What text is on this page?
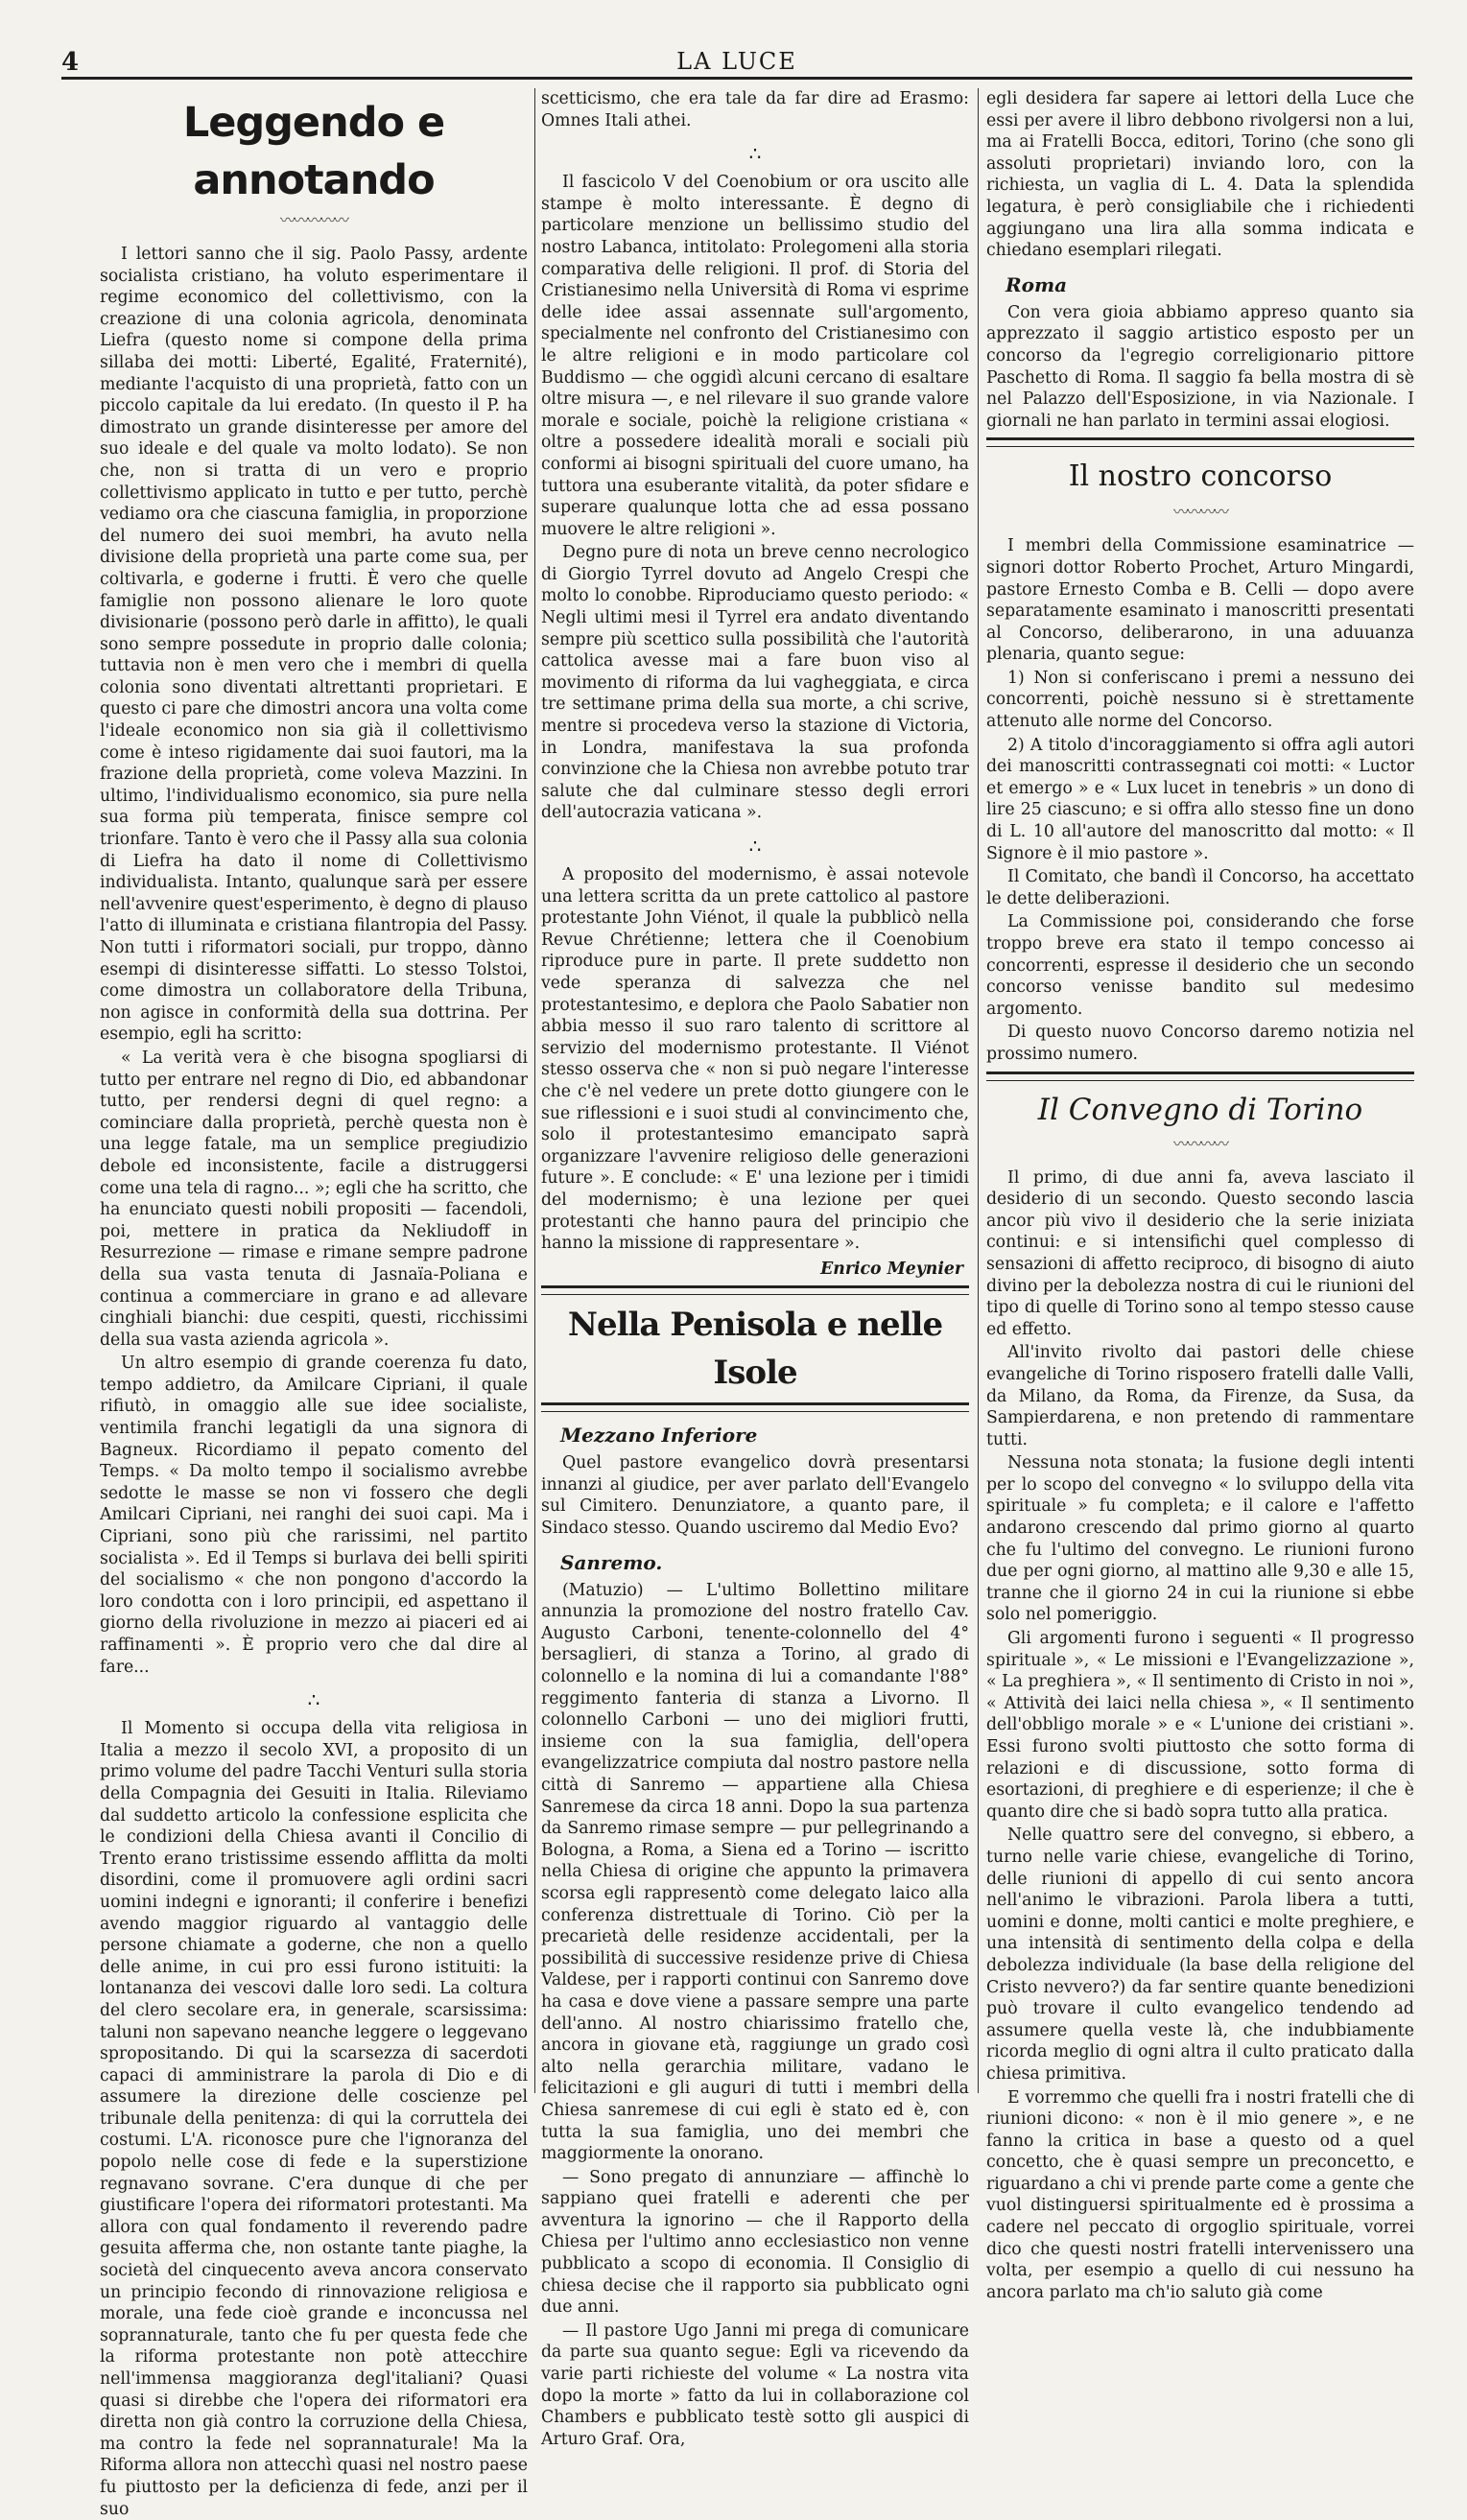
4	LA LUCE
Leggendo e annotando
〰〰〰〰〰

I lettori sanno che il sig. Paolo Passy, ardente socialista cristiano, ha voluto esperimentare il regime economico del collettivismo, con la creazione di una colonia agricola, denominata Liefra (questo nome si compone della prima sillaba dei motti: Liberté, Egalité, Fraternité), mediante l'acquisto di una proprietà, fatto con un piccolo capitale da lui eredato. (In questo il P. ha dimostrato un grande disinteresse per amore del suo ideale e del quale va molto lodato). Se non che, non si tratta di un vero e proprio collettivismo applicato in tutto e per tutto, perchè vediamo ora che ciascuna famiglia, in proporzione del numero dei suoi membri, ha avuto nella divisione della proprietà una parte come sua, per coltivarla, e goderne i frutti. È vero che quelle famiglie non possono alienare le loro quote divisionarie (possono però darle in affitto), le quali sono sempre possedute in proprio dalle colonia; tuttavia non è men vero che i membri di quella colonia sono diventati altrettanti proprietari. E questo ci pare che dimostri ancora una volta come l'ideale economico non sia già il collettivismo come è inteso rigidamente dai suoi fautori, ma la frazione della proprietà, come voleva Mazzini. In ultimo, l'individualismo economico, sia pure nella sua forma più temperata, finisce sempre col trionfare. Tanto è vero che il Passy alla sua colonia di Liefra ha dato il nome di Collettivismo individualista. Intanto, qualunque sarà per essere nell'avvenire quest'esperimento, è degno di plauso l'atto di illuminata e cristiana filantropia del Passy. Non tutti i riformatori sociali, pur troppo, dànno esempi di disinteresse siffatti. Lo stesso Tolstoi, come dimostra un collaboratore della Tribuna, non agisce in conformità della sua dottrina. Per esempio, egli ha scritto:

« La verità vera è che bisogna spogliarsi di tutto per entrare nel regno di Dio, ed abbandonar tutto, per rendersi degni di quel regno: a cominciare dalla proprietà, perchè questa non è una legge fatale, ma un semplice pregiudizio debole ed inconsistente, facile a distruggersi come una tela di ragno... »; egli che ha scritto, che ha enunciato questi nobili propositi — facendoli, poi, mettere in pratica da Nekliudoff in Resurrezione — rimase e rimane sempre padrone della sua vasta tenuta di Jasnaïa-Poliana e continua a commerciare in grano e ad allevare cinghiali bianchi: due cespiti, questi, ricchissimi della sua vasta azienda agricola ».

Un altro esempio di grande coerenza fu dato, tempo addietro, da Amilcare Cipriani, il quale rifiutò, in omaggio alle sue idee socialiste, ventimila franchi legatigli da una signora di Bagneux. Ricordiamo il pepato comento del Temps. « Da molto tempo il socialismo avrebbe sedotte le masse se non vi fossero che degli Amilcari Cipriani, nei ranghi dei suoi capi. Ma i Cipriani, sono più che rarissimi, nel partito socialista ». Ed il Temps si burlava dei belli spiriti del socialismo « che non pongono d'accordo la loro condotta con i loro principii, ed aspettano il giorno della rivoluzione in mezzo ai piaceri ed ai raffinamenti ». È proprio vero che dal dire al fare...

∴

Il Momento si occupa della vita religiosa in Italia a mezzo il secolo XVI, a proposito di un primo volume del padre Tacchi Venturi sulla storia della Compagnia dei Gesuiti in Italia. Rileviamo dal suddetto articolo la confessione esplicita che le condizioni della Chiesa avanti il Concilio di Trento erano tristissime essendo afflitta da molti disordini, come il promuovere agli ordini sacri uomini indegni e ignoranti; il conferire i benefizi avendo maggior riguardo al vantaggio delle persone chiamate a goderne, che non a quello delle anime, in cui pro essi furono istituiti: la lontananza dei vescovi dalle loro sedi. La coltura del clero secolare era, in generale, scarsissima: taluni non sapevano neanche leggere o leggevano spropositando. Di qui la scarsezza di sacerdoti capaci di amministrare la parola di Dio e di assumere la direzione delle coscienze pel tribunale della penitenza: di qui la corruttela dei costumi. L'A. riconosce pure che l'ignoranza del popolo nelle cose di fede e la superstizione regnavano sovrane. C'era dunque di che per giustificare l'opera dei riformatori protestanti. Ma allora con qual fondamento il reverendo padre gesuita afferma che, non ostante tante piaghe, la società del cinquecento aveva ancora conservato un principio fecondo di rinnovazione religiosa e morale, una fede cioè grande e inconcussa nel soprannaturale, tanto che fu per questa fede che la riforma protestante non potè attecchire nell'immensa maggioranza degl'italiani? Quasi quasi si direbbe che l'opera dei riformatori era diretta non già contro la corruzione della Chiesa, ma contro la fede nel soprannaturale! Ma la Riforma allora non attecchì quasi nel nostro paese fu piuttosto per la deficienza di fede, anzi per il suo

scetticismo, che era tale da far dire ad Erasmo: Omnes Itali athei.

∴

Il fascicolo V del Coenobium or ora uscito alle stampe è molto interessante. È degno di particolare menzione un bellissimo studio del nostro Labanca, intitolato: Prolegomeni alla storia comparativa delle religioni. Il prof. di Storia del Cristianesimo nella Università di Roma vi esprime delle idee assai assennate sull'argomento, specialmente nel confronto del Cristianesimo con le altre religioni e in modo particolare col Buddismo — che oggidì alcuni cercano di esaltare oltre misura —, e nel rilevare il suo grande valore morale e sociale, poichè la religione cristiana « oltre a possedere idealità morali e sociali più conformi ai bisogni spirituali del cuore umano, ha tuttora una esuberante vitalità, da poter sfidare e superare qualunque lotta che ad essa possano muovere le altre religioni ».

Degno pure di nota un breve cenno necrologico di Giorgio Tyrrel dovuto ad Angelo Crespi che molto lo conobbe. Riproduciamo questo periodo: « Negli ultimi mesi il Tyrrel era andato diventando sempre più scettico sulla possibilità che l'autorità cattolica avesse mai a fare buon viso al movimento di riforma da lui vagheggiata, e circa tre settimane prima della sua morte, a chi scrive, mentre si procedeva verso la stazione di Victoria, in Londra, manifestava la sua profonda convinzione che la Chiesa non avrebbe potuto trar salute che dal culminare stesso degli errori dell'autocrazia vaticana ».

∴

A proposito del modernismo, è assai notevole una lettera scritta da un prete cattolico al pastore protestante John Viénot, il quale la pubblicò nella Revue Chrétienne; lettera che il Coenobium riproduce pure in parte. Il prete suddetto non vede speranza di salvezza che nel protestantesimo, e deplora che Paolo Sabatier non abbia messo il suo raro talento di scrittore al servizio del modernismo protestante. Il Viénot stesso osserva che « non si può negare l'interesse che c'è nel vedere un prete dotto giungere con le sue riflessioni e i suoi studi al convincimento che, solo il protestantesimo emancipato saprà organizzare l'avvenire religioso delle generazioni future ». E conclude: « E' una lezione per i timidi del modernismo; è una lezione per quei protestanti che hanno paura del principio che hanno la missione di rappresentare ».

Enrico Meynier
Nella Penisola e nelle Isole
Mezzano Inferiore

Quel pastore evangelico dovrà presentarsi innanzi al giudice, per aver parlato dell'Evangelo sul Cimitero. Denunziatore, a quanto pare, il Sindaco stesso. Quando usciremo dal Medio Evo?

Sanremo.

(Matuzio) — L'ultimo Bollettino militare annunzia la promozione del nostro fratello Cav. Augusto Carboni, tenente-colonnello del 4° bersaglieri, di stanza a Torino, al grado di colonnello e la nomina di lui a comandante l'88° reggimento fanteria di stanza a Livorno. Il colonnello Carboni — uno dei migliori frutti, insieme con la sua famiglia, dell'opera evangelizzatrice compiuta dal nostro pastore nella città di Sanremo — appartiene alla Chiesa Sanremese da circa 18 anni. Dopo la sua partenza da Sanremo rimase sempre — pur pellegrinando a Bologna, a Roma, a Siena ed a Torino — iscritto nella Chiesa di origine che appunto la primavera scorsa egli rappresentò come delegato laico alla conferenza distrettuale di Torino. Ciò per la precarietà delle residenze accidentali, per la possibilità di successive residenze prive di Chiesa Valdese, per i rapporti continui con Sanremo dove ha casa e dove viene a passare sempre una parte dell'anno. Al nostro chiarissimo fratello che, ancora in giovane età, raggiunge un grado così alto nella gerarchia militare, vadano le felicitazioni e gli auguri di tutti i membri della Chiesa sanremese di cui egli è stato ed è, con tutta la sua famiglia, uno dei membri che maggiormente la onorano.

— Sono pregato di annunziare — affinchè lo sappiano quei fratelli e aderenti che per avventura la ignorino — che il Rapporto della Chiesa per l'ultimo anno ecclesiastico non venne pubblicato a scopo di economia. Il Consiglio di chiesa decise che il rapporto sia pubblicato ogni due anni.

— Il pastore Ugo Janni mi prega di comunicare da parte sua quanto segue: Egli va ricevendo da varie parti richieste del volume « La nostra vita dopo la morte » fatto da lui in collaborazione col Chambers e pubblicato testè sotto gli auspici di Arturo Graf. Ora,

egli desidera far sapere ai lettori della Luce che essi per avere il libro debbono rivolgersi non a lui, ma ai Fratelli Bocca, editori, Torino (che sono gli assoluti proprietari) inviando loro, con la richiesta, un vaglia di L. 4. Data la splendida legatura, è però consigliabile che i richiedenti aggiungano una lira alla somma indicata e chiedano esemplari rilegati.

Roma

Con vera gioia abbiamo appreso quanto sia apprezzato il saggio artistico esposto per un concorso da l'egregio correligionario pittore Paschetto di Roma. Il saggio fa bella mostra di sè nel Palazzo dell'Esposizione, in via Nazionale. I giornali ne han parlato in termini assai elogiosi.

Il nostro concorso
〰〰〰〰

I membri della Commissione esaminatrice — signori dottor Roberto Prochet, Arturo Mingardi, pastore Ernesto Comba e B. Celli — dopo avere separatamente esaminato i manoscritti presentati al Concorso, deliberarono, in una aduuanza plenaria, quanto segue:

1) Non si conferiscano i premi a nessuno dei concorrenti, poichè nessuno si è strettamente attenuto alle norme del Concorso.

2) A titolo d'incoraggiamento si offra agli autori dei manoscritti contrassegnati coi motti: « Luctor et emergo » e « Lux lucet in tenebris » un dono di lire 25 ciascuno; e si offra allo stesso fine un dono di L. 10 all'autore del manoscritto dal motto: « Il Signore è il mio pastore ».

Il Comitato, che bandì il Concorso, ha accettato le dette deliberazioni.

La Commissione poi, considerando che forse troppo breve era stato il tempo concesso ai concorrenti, espresse il desiderio che un secondo concorso venisse bandito sul medesimo argomento.

Di questo nuovo Concorso daremo notizia nel prossimo numero.

Il Convegno di Torino
〰〰〰〰

Il primo, di due anni fa, aveva lasciato il desiderio di un secondo. Questo secondo lascia ancor più vivo il desiderio che la serie iniziata continui: e si intensifichi quel complesso di sensazioni di affetto reciproco, di bisogno di aiuto divino per la debolezza nostra di cui le riunioni del tipo di quelle di Torino sono al tempo stesso cause ed effetto.

All'invito rivolto dai pastori delle chiese evangeliche di Torino risposero fratelli dalle Valli, da Milano, da Roma, da Firenze, da Susa, da Sampierdarena, e non pretendo di rammentare tutti.

Nessuna nota stonata; la fusione degli intenti per lo scopo del convegno « lo sviluppo della vita spirituale » fu completa; e il calore e l'affetto andarono crescendo dal primo giorno al quarto che fu l'ultimo del convegno. Le riunioni furono due per ogni giorno, al mattino alle 9,30 e alle 15, tranne che il giorno 24 in cui la riunione si ebbe solo nel pomeriggio.

Gli argomenti furono i seguenti « Il progresso spirituale », « Le missioni e l'Evangelizzazione », « La preghiera », « Il sentimento di Cristo in noi », « Attività dei laici nella chiesa », « Il sentimento dell'obbligo morale » e « L'unione dei cristiani ». Essi furono svolti piuttosto che sotto forma di relazioni e di discussione, sotto forma di esortazioni, di preghiere e di esperienze; il che è quanto dire che si badò sopra tutto alla pratica.

Nelle quattro sere del convegno, si ebbero, a turno nelle varie chiese, evangeliche di Torino, delle riunioni di appello di cui sento ancora nell'animo le vibrazioni. Parola libera a tutti, uomini e donne, molti cantici e molte preghiere, e una intensità di sentimento della colpa e della debolezza individuale (la base della religione del Cristo nevvero?) da far sentire quante benedizioni può trovare il culto evangelico tendendo ad assumere quella veste là, che indubbiamente ricorda meglio di ogni altra il culto praticato dalla chiesa primitiva.

E vorremmo che quelli fra i nostri fratelli che di riunioni dicono: « non è il mio genere », e ne fanno la critica in base a questo od a quel concetto, che è quasi sempre un preconcetto, e riguardano a chi vi prende parte come a gente che vuol distinguersi spiritualmente ed è prossima a cadere nel peccato di orgoglio spirituale, vorrei dico che questi nostri fratelli intervenissero una volta, per esempio a quello di cui nessuno ha ancora parlato ma ch'io saluto già come
